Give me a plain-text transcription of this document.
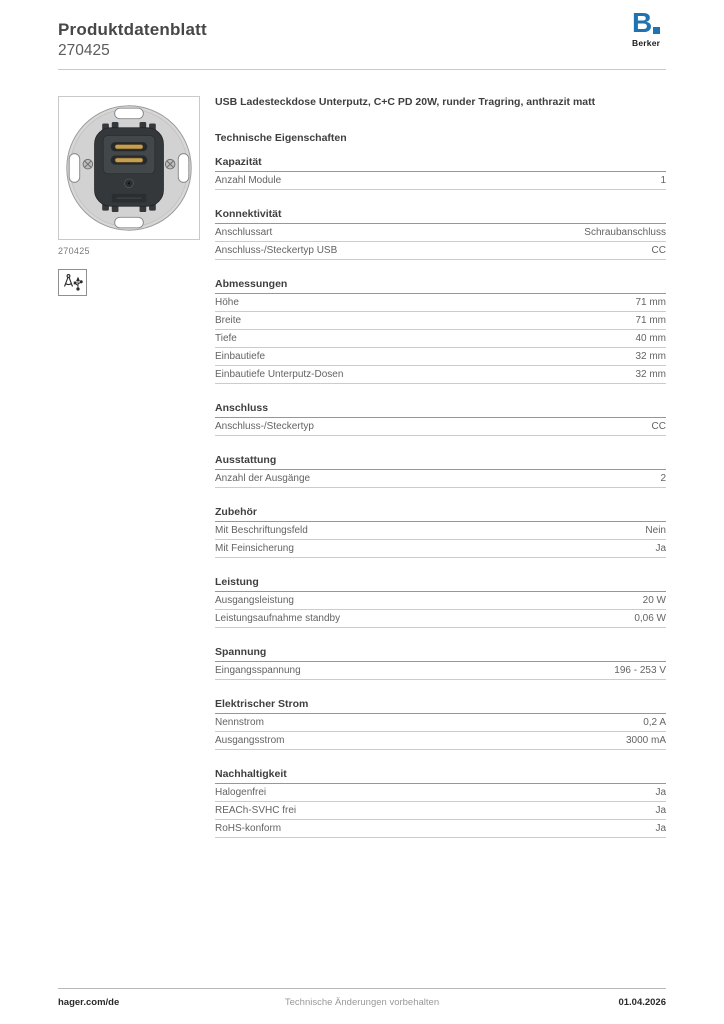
Produktdatenblatt
270425
B
Berker
270425
USB Ladesteckdose Unterputz, C+C PD 20W, runder Tragring, anthrazit matt
Technische Eigenschaften
Kapazität
Anzahl Module	1
Konnektivität
Anschlussart	Schraubanschluss
Anschluss-/Steckertyp USB	CC
Abmessungen
Höhe	71 mm
Breite	71 mm
Tiefe	40 mm
Einbautiefe	32 mm
Einbautiefe Unterputz-Dosen	32 mm
Anschluss
Anschluss-/Steckertyp	CC
Ausstattung
Anzahl der Ausgänge	2
Zubehör
Mit Beschriftungsfeld	Nein
Mit Feinsicherung	Ja
Leistung
Ausgangsleistung	20 W
Leistungsaufnahme standby	0,06 W
Spannung
Eingangsspannung	196 - 253 V
Elektrischer Strom
Nennstrom	0,2 A
Ausgangsstrom	3000 mA
Nachhaltigkeit
Halogenfrei	Ja
REACh-SVHC frei	Ja
RoHS-konform	Ja
Technische Änderungen vorbehalten
hager.com/de	01.04.2026
